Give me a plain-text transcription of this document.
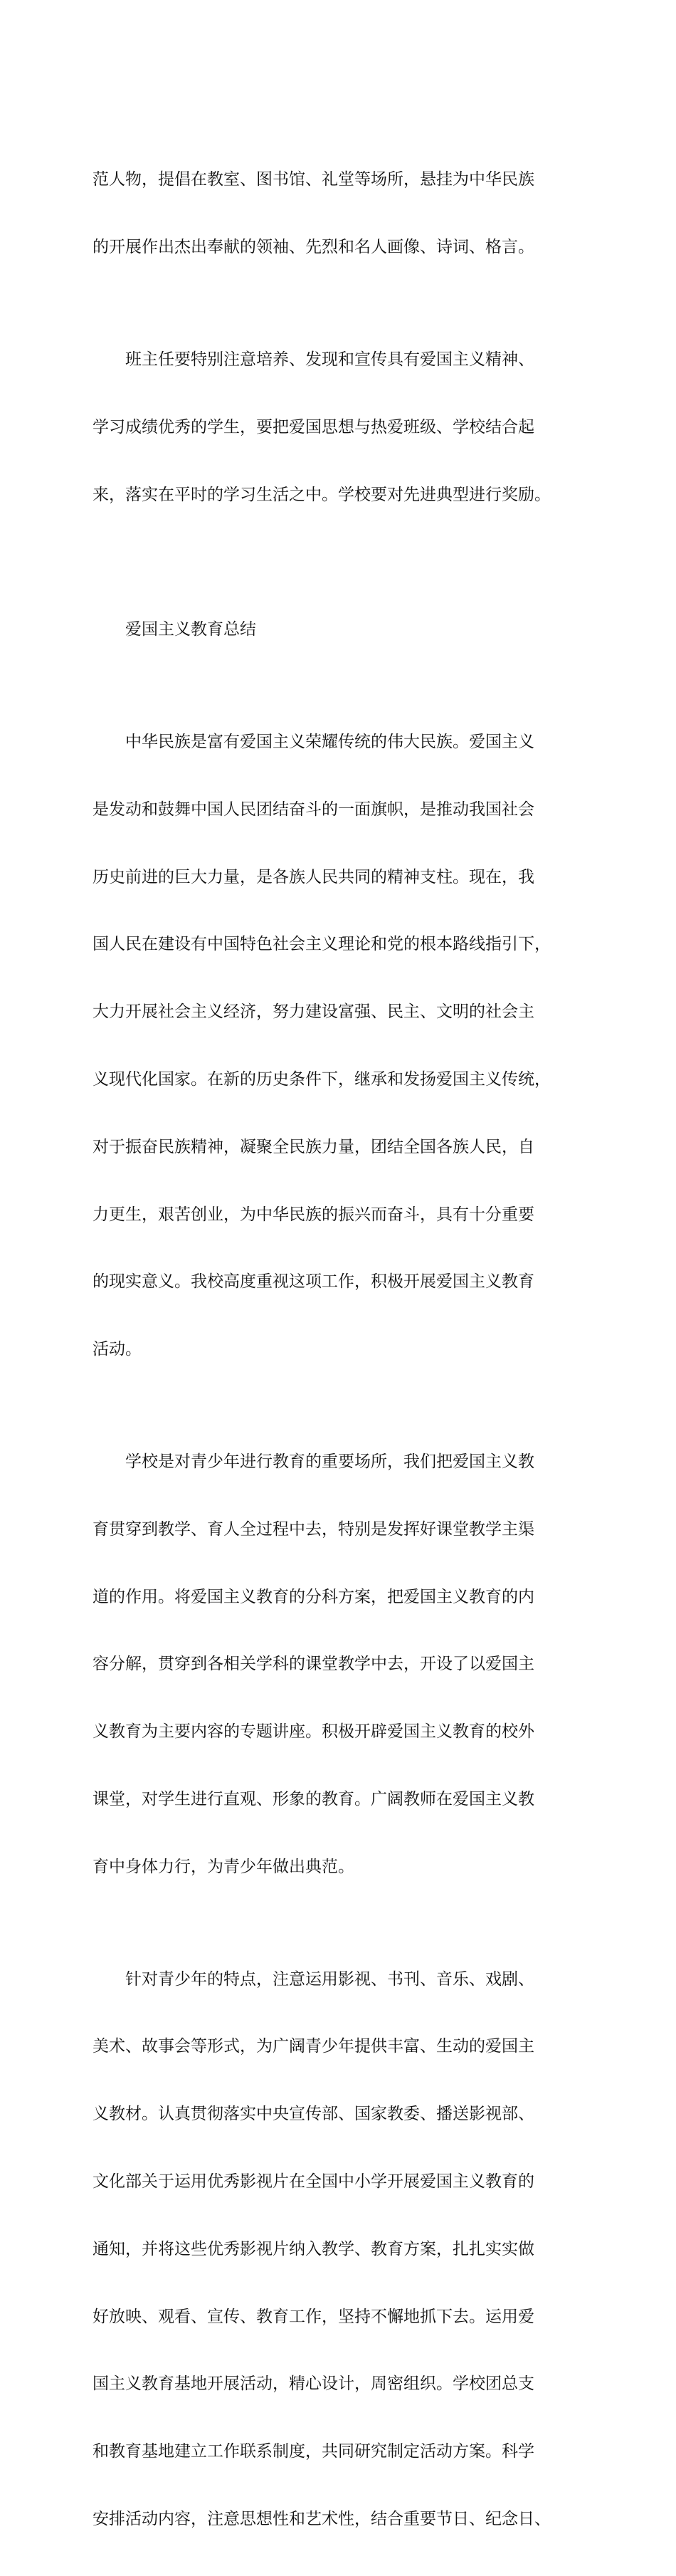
范人物，提倡在教室、图书馆、礼堂等场所，悬挂为中华民族

的开展作出杰出奉献的领袖、先烈和名人画像、诗词、格言。

班主任要特别注意培养、发现和宣传具有爱国主义精神、

学习成绩优秀的学生，要把爱国思想与热爱班级、学校结合起

来，落实在平时的学习生活之中。学校要对先进典型进行奖励。

爱国主义教育总结

中华民族是富有爱国主义荣耀传统的伟大民族。爱国主义

是发动和鼓舞中国人民团结奋斗的一面旗帜，是推动我国社会

历史前进的巨大力量，是各族人民共同的精神支柱。现在，我

国人民在建设有中国特色社会主义理论和党的根本路线指引下，

大力开展社会主义经济，努力建设富强、民主、文明的社会主

义现代化国家。在新的历史条件下，继承和发扬爱国主义传统，

对于振奋民族精神，凝聚全民族力量，团结全国各族人民，自

力更生，艰苦创业，为中华民族的振兴而奋斗，具有十分重要

的现实意义。我校高度重视这项工作，积极开展爱国主义教育

活动。

学校是对青少年进行教育的重要场所，我们把爱国主义教

育贯穿到教学、育人全过程中去，特别是发挥好课堂教学主渠

道的作用。将爱国主义教育的分科方案，把爱国主义教育的内

容分解，贯穿到各相关学科的课堂教学中去，开设了以爱国主

义教育为主要内容的专题讲座。积极开辟爱国主义教育的校外

课堂，对学生进行直观、形象的教育。广阔教师在爱国主义教

育中身体力行，为青少年做出典范。

针对青少年的特点，注意运用影视、书刊、音乐、戏剧、

美术、故事会等形式，为广阔青少年提供丰富、生动的爱国主

义教材。认真贯彻落实中央宣传部、国家教委、播送影视部、

文化部关于运用优秀影视片在全国中小学开展爱国主义教育的

通知，并将这些优秀影视片纳入教学、教育方案，扎扎实实做

好放映、观看、宣传、教育工作，坚持不懈地抓下去。运用爱

国主义教育基地开展活动，精心设计，周密组织。学校团总支

和教育基地建立工作联系制度，共同研究制定活动方案。科学

安排活动内容，注意思想性和艺术性，结合重要节日、纪念日、
